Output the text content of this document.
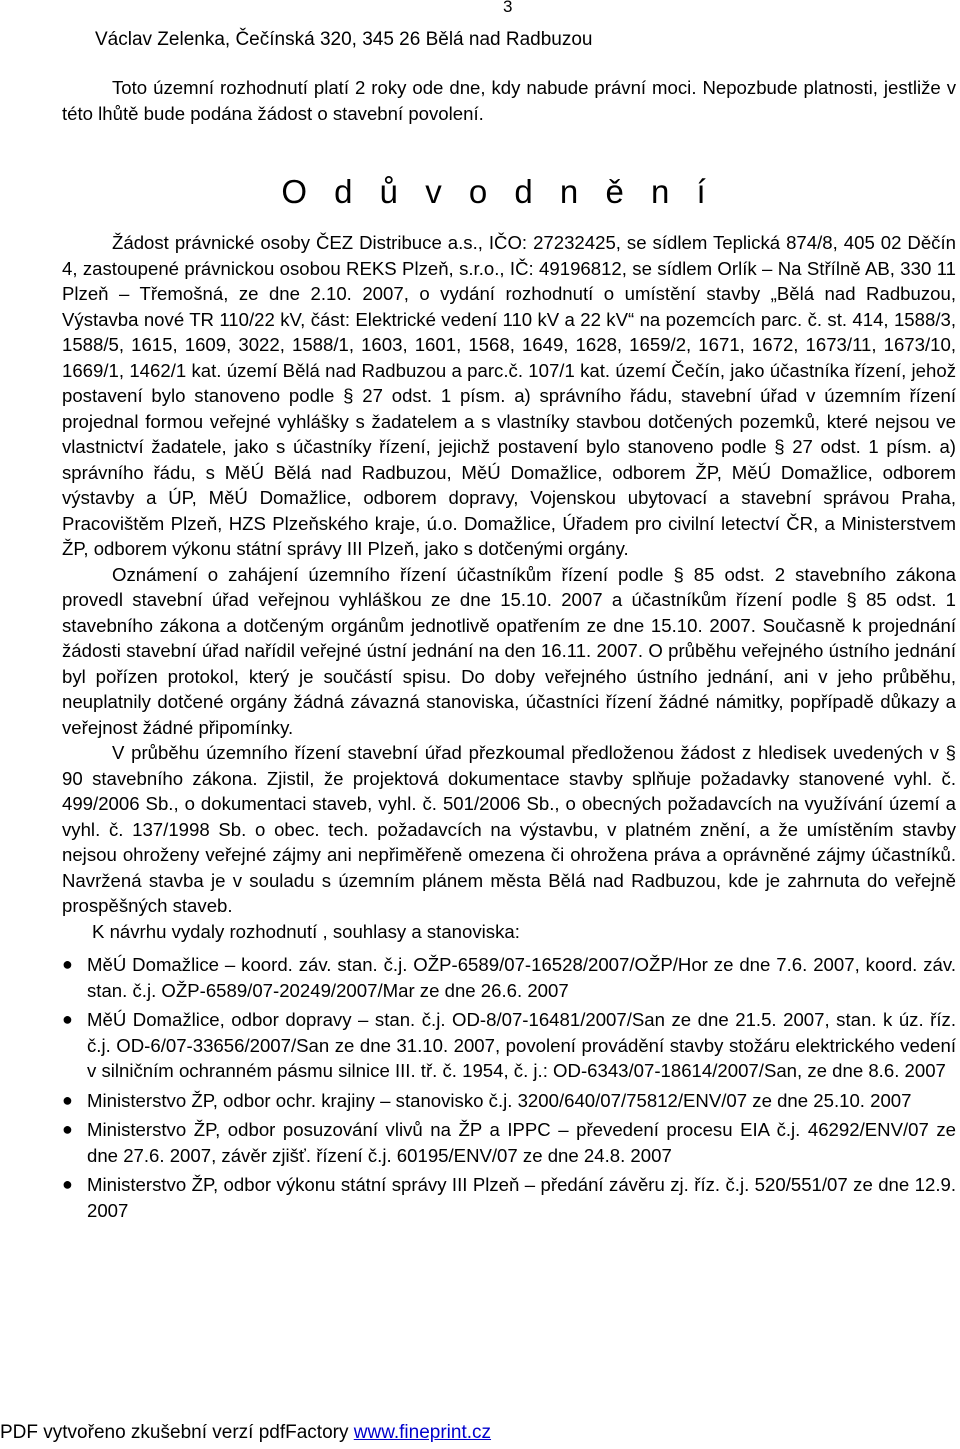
3
Václav Zelenka, Čečínská 320, 345 26 Bělá nad Radbuzou

Toto územní rozhodnutí platí 2 roky ode dne, kdy nabude právní moci. Nepozbude platnosti, jestliže v této lhůtě bude podána žádost o stavební povolení.

O d ů v o d n ě n í

Žádost právnické osoby ČEZ Distribuce a.s., IČO: 27232425, se sídlem Teplická 874/8, 405 02 Děčín 4, zastoupené právnickou osobou REKS Plzeň, s.r.o., IČ: 49196812, se sídlem Orlík – Na Střílně AB, 330 11 Plzeň – Třemošná, ze dne 2.10. 2007, o vydání rozhodnutí o umístění stavby „Bělá nad Radbuzou, Výstavba nové TR 110/22 kV, část: Elektrické vedení 110 kV a 22 kV“ na pozemcích parc. č. st. 414, 1588/3, 1588/5, 1615, 1609, 3022, 1588/1, 1603, 1601, 1568, 1649, 1628, 1659/2, 1671, 1672, 1673/11, 1673/10, 1669/1, 1462/1 kat. území Bělá nad Radbuzou a parc.č. 107/1 kat. území Čečín, jako účastníka řízení, jehož postavení bylo stanoveno podle § 27 odst. 1 písm. a) správního řádu, stavební úřad v územním řízení projednal formou veřejné vyhlášky s žadatelem a s vlastníky stavbou dotčených pozemků, které nejsou ve vlastnictví žadatele, jako s účastníky řízení, jejichž postavení bylo stanoveno podle § 27 odst. 1 písm. a) správního řádu, s MěÚ Bělá nad Radbuzou, MěÚ Domažlice, odborem ŽP, MěÚ Domažlice, odborem výstavby a ÚP, MěÚ Domažlice, odborem dopravy, Vojenskou ubytovací a stavební správou Praha, Pracovištěm Plzeň, HZS Plzeňského kraje, ú.o. Domažlice, Úřadem pro civilní letectví ČR, a Ministerstvem ŽP, odborem výkonu státní správy III Plzeň, jako s dotčenými orgány.

Oznámení o zahájení územního řízení účastníkům řízení podle § 85 odst. 2 stavebního zákona provedl stavební úřad veřejnou vyhláškou ze dne 15.10. 2007 a účastníkům řízení podle § 85 odst. 1 stavebního zákona a dotčeným orgánům jednotlivě opatřením ze dne 15.10. 2007. Současně k projednání žádosti stavební úřad nařídil veřejné ústní jednání na den 16.11. 2007. O průběhu veřejného ústního jednání byl pořízen protokol, který je součástí spisu. Do doby veřejného ústního jednání, ani v jeho průběhu, neuplatnily dotčené orgány žádná závazná stanoviska, účastníci řízení žádné námitky, popřípadě důkazy a veřejnost žádné připomínky.

V průběhu územního řízení stavební úřad přezkoumal předloženou žádost z hledisek uvedených v § 90 stavebního zákona. Zjistil, že projektová dokumentace stavby splňuje požadavky stanovené vyhl. č. 499/2006 Sb., o dokumentaci staveb, vyhl. č. 501/2006 Sb., o obecných požadavcích na využívání území a vyhl. č. 137/1998 Sb. o obec. tech. požadavcích na výstavbu, v platném znění, a že umístěním stavby nejsou ohroženy veřejné zájmy ani nepřiměřeně omezena či ohrožena práva a oprávněné zájmy účastníků. Navržená stavba je v souladu s územním plánem města Bělá nad Radbuzou, kde je zahrnuta do veřejně prospěšných staveb.

K návrhu vydaly rozhodnutí , souhlasy a stanoviska:

● MěÚ Domažlice – koord. záv. stan. č.j. OŽP-6589/07-16528/2007/OŽP/Hor ze dne 7.6. 2007, koord. záv. stan. č.j. OŽP-6589/07-20249/2007/Mar ze dne 26.6. 2007
● MěÚ Domažlice, odbor dopravy – stan. č.j. OD-8/07-16481/2007/San ze dne 21.5. 2007, stan. k úz. říz. č.j. OD-6/07-33656/2007/San ze dne 31.10. 2007, povolení provádění stavby stožáru elektrického vedení v silničním ochranném pásmu silnice III. tř. č. 1954, č. j.: OD-6343/07-18614/2007/San, ze dne 8.6. 2007
● Ministerstvo ŽP, odbor ochr. krajiny – stanovisko č.j. 3200/640/07/75812/ENV/07 ze dne 25.10. 2007
● Ministerstvo ŽP, odbor posuzování vlivů na ŽP a IPPC – převedení procesu EIA č.j. 46292/ENV/07 ze dne 27.6. 2007, závěr zjišť. řízení č.j. 60195/ENV/07 ze dne 24.8. 2007
● Ministerstvo ŽP, odbor výkonu státní správy III Plzeň – předání závěru zj. říz. č.j. 520/551/07 ze dne 12.9. 2007
PDF vytvořeno zkušební verzí pdfFactory www.fineprint.cz
